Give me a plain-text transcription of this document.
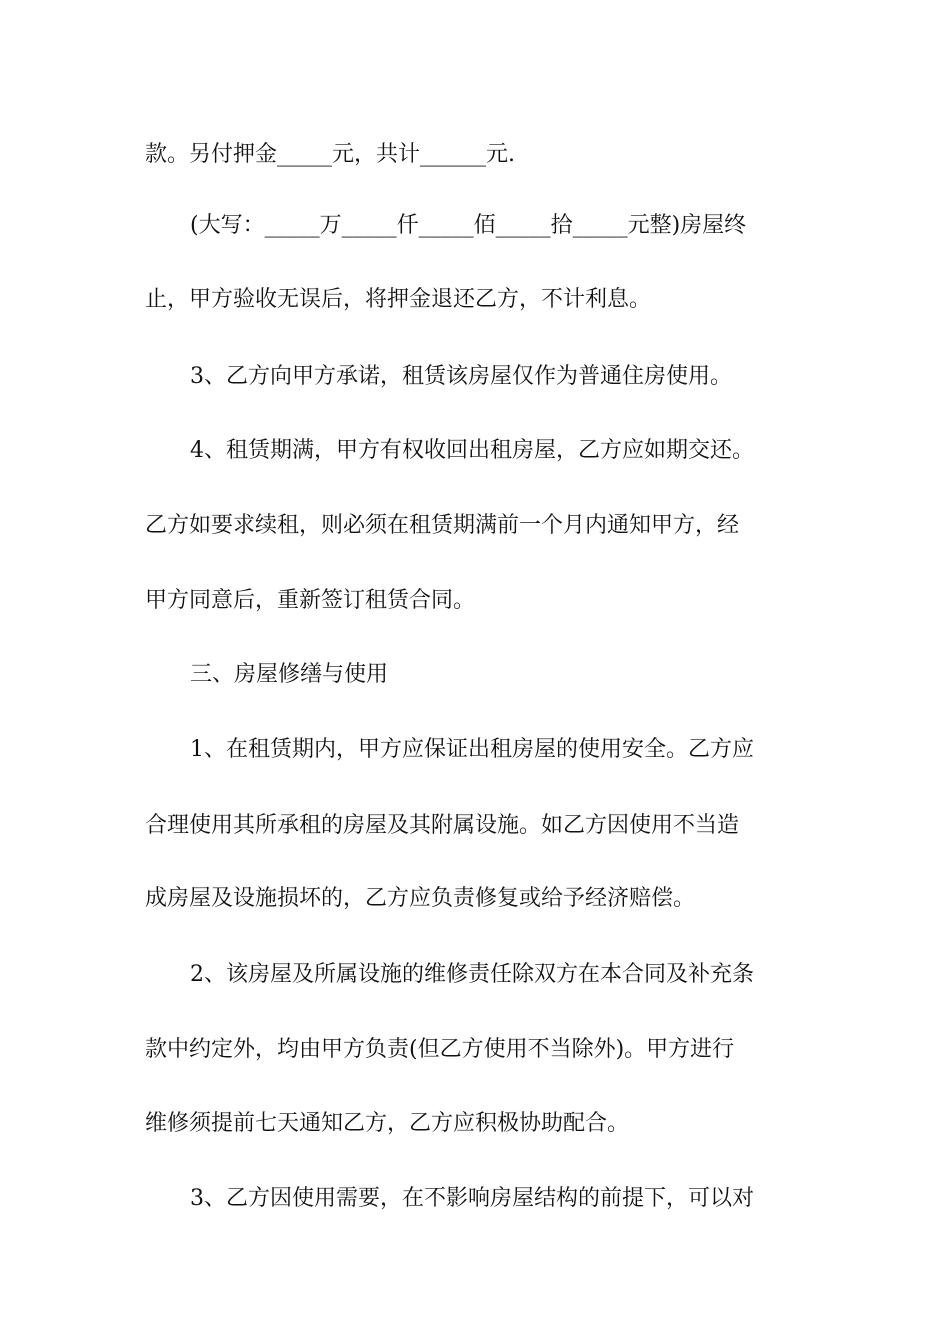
款。另付押金_____元，共计______元.
(大写：_____万_____仟_____佰_____拾_____元整)房屋终
止，甲方验收无误后，将押金退还乙方，不计利息。
3、乙方向甲方承诺，租赁该房屋仅作为普通住房使用。
4、租赁期满，甲方有权收回出租房屋，乙方应如期交还。
乙方如要求续租，则必须在租赁期满前一个月内通知甲方，经
甲方同意后，重新签订租赁合同。
三、房屋修缮与使用
1、在租赁期内，甲方应保证出租房屋的使用安全。乙方应
合理使用其所承租的房屋及其附属设施。如乙方因使用不当造
成房屋及设施损坏的，乙方应负责修复或给予经济赔偿。
2、该房屋及所属设施的维修责任除双方在本合同及补充条
款中约定外，均由甲方负责(但乙方使用不当除外)。甲方进行
维修须提前七天通知乙方，乙方应积极协助配合。
3、乙方因使用需要，在不影响房屋结构的前提下，可以对
